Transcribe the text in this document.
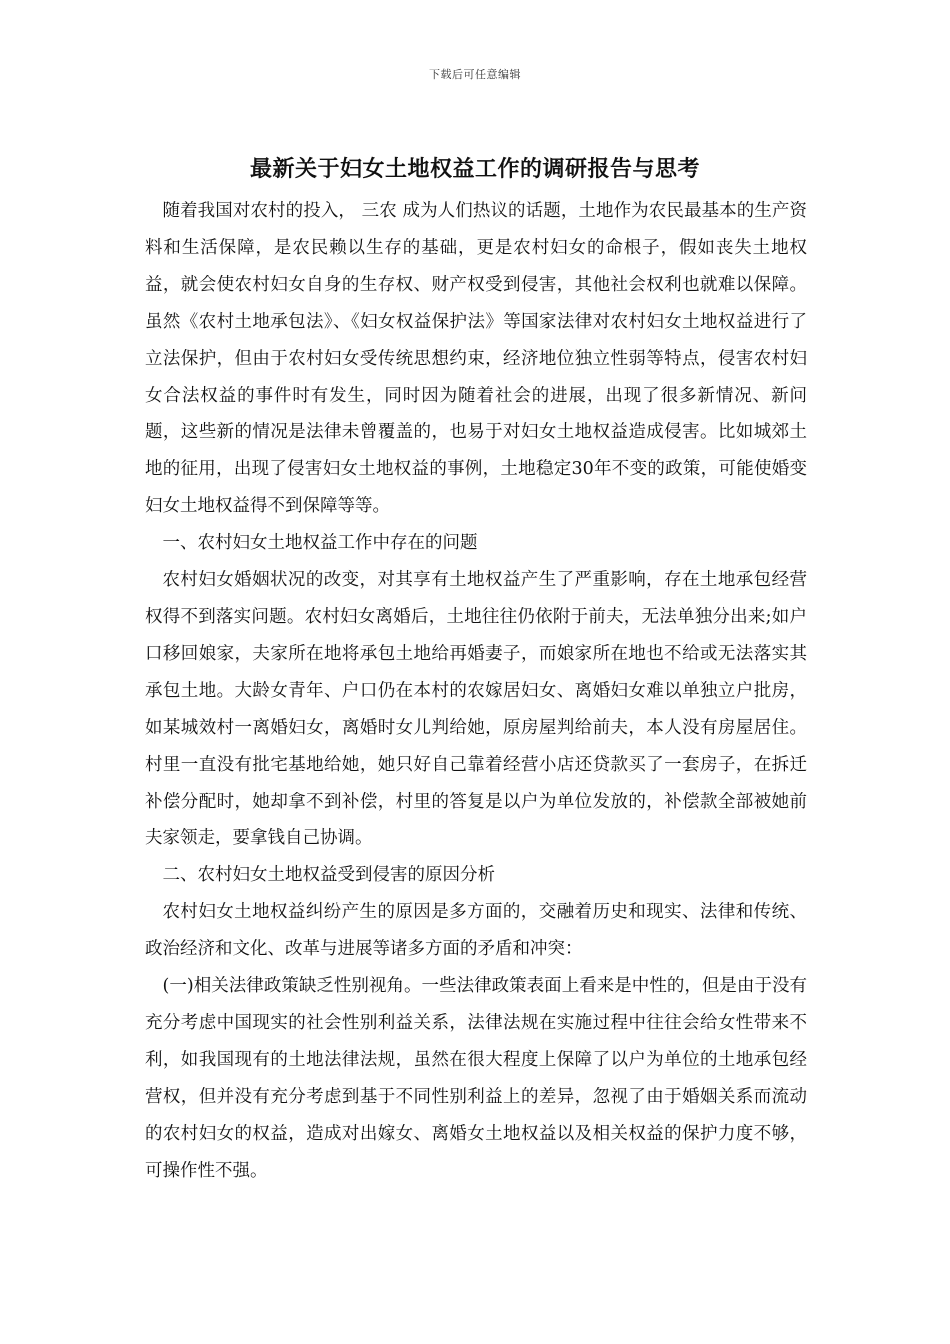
下载后可任意编辑
最新关于妇女土地权益工作的调研报告与思考

随着我国对农村的投入， 三农 成为人们热议的话题，土地作为农民最基本的生产资料和生活保障，是农民赖以生存的基础，更是农村妇女的命根子，假如丧失土地权益，就会使农村妇女自身的生存权、财产权受到侵害，其他社会权利也就难以保障。虽然《农村土地承包法》、《妇女权益保护法》等国家法律对农村妇女土地权益进行了立法保护，但由于农村妇女受传统思想约束，经济地位独立性弱等特点，侵害农村妇女合法权益的事件时有发生，同时因为随着社会的进展，出现了很多新情况、新问题，这些新的情况是法律未曾覆盖的，也易于对妇女土地权益造成侵害。比如城郊土地的征用，出现了侵害妇女土地权益的事例，土地稳定30年不变的政策，可能使婚变妇女土地权益得不到保障等等。

一、农村妇女土地权益工作中存在的问题

农村妇女婚姻状况的改变，对其享有土地权益产生了严重影响，存在土地承包经营权得不到落实问题。农村妇女离婚后，土地往往仍依附于前夫，无法单独分出来;如户口移回娘家，夫家所在地将承包土地给再婚妻子，而娘家所在地也不给或无法落实其承包土地。大龄女青年、户口仍在本村的农嫁居妇女、离婚妇女难以单独立户批房，如某城效村一离婚妇女，离婚时女儿判给她，原房屋判给前夫，本人没有房屋居住。村里一直没有批宅基地给她，她只好自己靠着经营小店还贷款买了一套房子，在拆迁补偿分配时，她却拿不到补偿，村里的答复是以户为单位发放的，补偿款全部被她前夫家领走，要拿钱自己协调。

二、农村妇女土地权益受到侵害的原因分析

农村妇女土地权益纠纷产生的原因是多方面的，交融着历史和现实、法律和传统、政治经济和文化、改革与进展等诸多方面的矛盾和冲突：

(一)相关法律政策缺乏性别视角。一些法律政策表面上看来是中性的，但是由于没有充分考虑中国现实的社会性别利益关系，法律法规在实施过程中往往会给女性带来不利，如我国现有的土地法律法规，虽然在很大程度上保障了以户为单位的土地承包经营权，但并没有充分考虑到基于不同性别利益上的差异，忽视了由于婚姻关系而流动的农村妇女的权益，造成对出嫁女、离婚女土地权益以及相关权益的保护力度不够，可操作性不强。
